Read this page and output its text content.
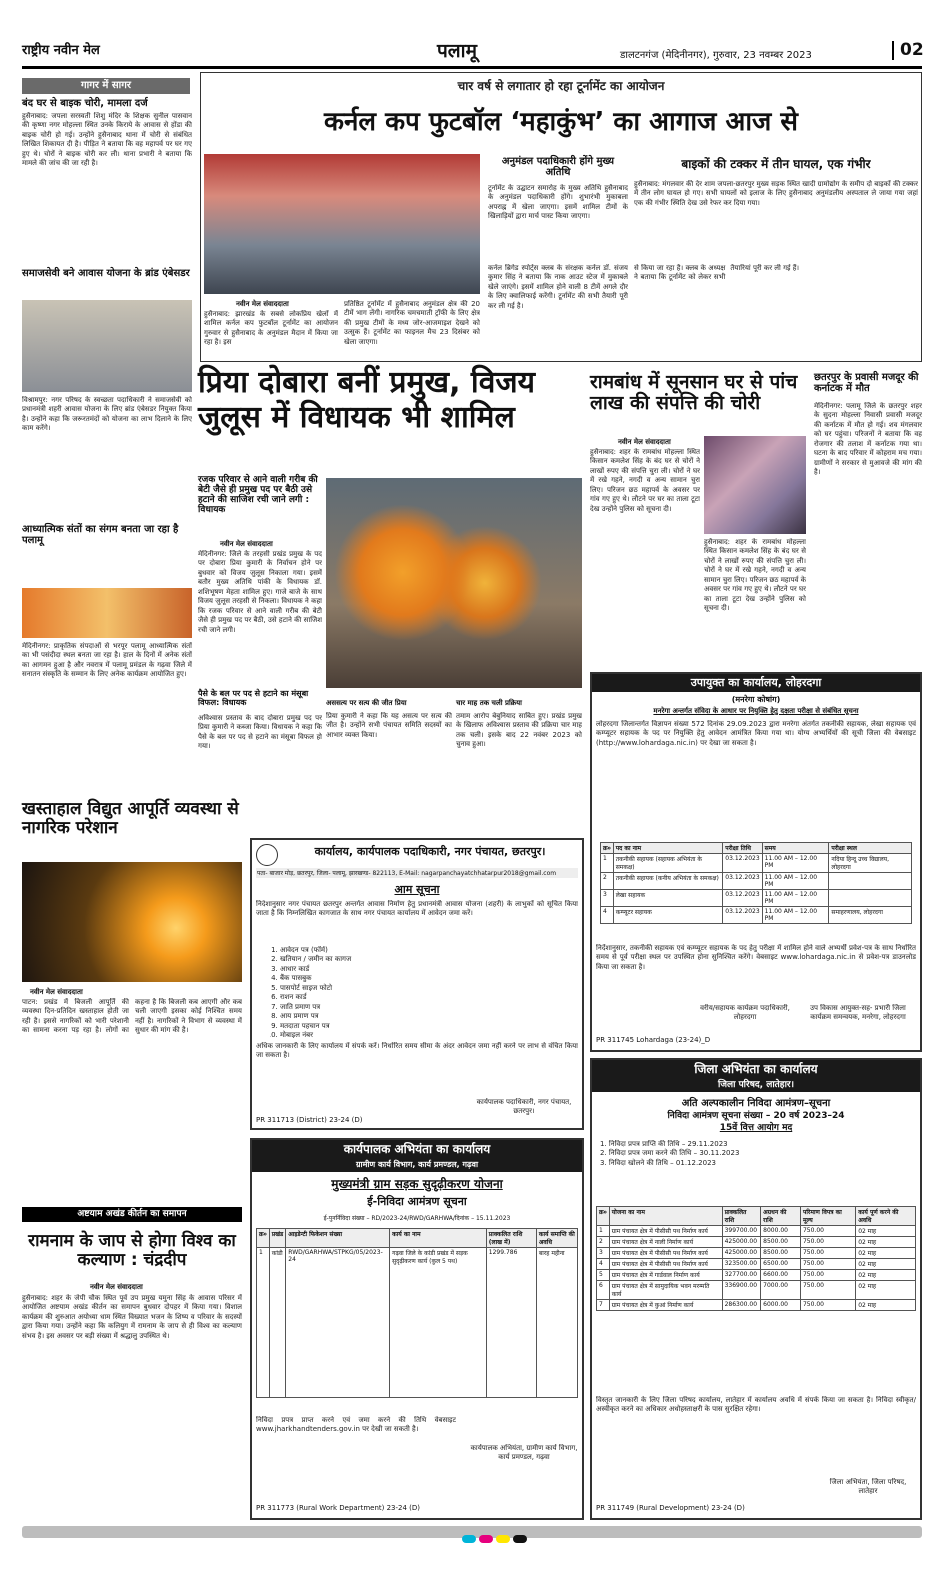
राष्ट्रीय नवीन मेल	पलामू	डालटनगंज (मेदिनीनगर), गुरुवार, 23 नवम्बर 2023	02
गागर में सागर
बंद घर से बाइक चोरी, मामला दर्ज
हुसैनाबाद: जपला सरस्वती शिशु मंदिर के शिक्षक सुनील पासवान की कृष्णा नगर मोहल्ला स्थित उनके किराये के आवास से होंडा की बाइक चोरी हो गई। उन्होंने हुसैनाबाद थाना में चोरी से संबंधित लिखित शिकायत दी है। पीड़ित ने बताया कि वह महापर्व पर घर गए हुए थे। चोरों ने बाइक चोरी कर ली। थाना प्रभारी ने बताया कि मामले की जांच की जा रही है।
समाजसेवी बने आवास योजना के ब्रांड एंबेसडर
विश्रामपुर: नगर परिषद के स्वच्छता पदाधिकारी ने समाजसेवी को प्रधानमंत्री शहरी आवास योजना के लिए ब्रांड एंबेसडर नियुक्त किया है। उन्होंने कहा कि जरूरतमंदों को योजना का लाभ दिलाने के लिए काम करेंगे।
आध्यात्मिक संतों का संगम बनता जा रहा है पलामू
मेदिनीनगर: प्राकृतिक संपदाओं से भरपूर पलामू आध्यात्मिक संतों का भी पसंदीदा स्थल बनता जा रहा है। हाल के दिनों में अनेक संतों का आगमन हुआ है और नवरात्र में पलामू प्रमंडल के गढ़वा जिले में सनातन संस्कृति के सम्मान के लिए अनेक कार्यक्रम आयोजित हुए।
खस्ताहाल विद्युत आपूर्ति व्यवस्था से नागरिक परेशान
नवीन मेल संवाददाता
पाटन: प्रखंड में बिजली आपूर्ति की व्यवस्था दिन-प्रतिदिन खस्ताहाल होती जा रही है। इससे नागरिकों को भारी परेशानी का सामना करना पड़ रहा है। लोगों का कहना है कि बिजली कब आएगी और कब चली जाएगी इसका कोई निश्चित समय नहीं है। नागरिकों ने विभाग से व्यवस्था में सुधार की मांग की है।
अष्टयाम अखंड कीर्तन का समापन
रामनाम के जाप से होगा विश्व का कल्याण : चंद्रदीप
नवीन मेल संवाददाता
हुसैनाबाद: शहर के जेपी चौक स्थित पूर्व उप प्रमुख यमुना सिंह के आवास परिसर में आयोजित अष्टयाम अखंड कीर्तन का समापन बुधवार दोपहर में किया गया। विशाल कार्यक्रम की शुरुआत अयोध्या धाम स्थित विख्यात भजन के शिष्य व परिवार के सदस्यों द्वारा किया गया। उन्होंने कहा कि कलियुग में रामनाम के जाप से ही विश्व का कल्याण संभव है। इस अवसर पर बड़ी संख्या में श्रद्धालु उपस्थित थे।
चार वर्ष से लगातार हो रहा टूर्नामेंट का आयोजन
कर्नल कप फुटबॉल ‘महाकुंभ’ का आगाज आज से
नवीन मेल संवाददाता
हुसैनाबाद: झारखंड के सबसे लोकप्रिय खेलों में शामिल कर्नल कप फुटबॉल टूर्नामेंट का आयोजन गुरुवार से हुसैनाबाद के अनुमंडल मैदान में किया जा रहा है। इस
प्रतिष्ठित टूर्नामेंट में हुसैनाबाद अनुमंडल क्षेत्र की 20 टीमें भाग लेंगी। नागरिक चमचमाती ट्रॉफी के लिए क्षेत्र की प्रमुख टीमों के मध्य जोर-आजमाइश देखने को उत्सुक हैं। टूर्नामेंट का फाइनल मैच 23 दिसंबर को खेला जाएगा।
अनुमंडल पदाधिकारी होंगे मुख्य अतिथि
टूर्नामेंट के उद्घाटन समारोह के मुख्य अतिथि हुसैनाबाद के अनुमंडल पदाधिकारी होंगे। शुभारंभी मुकाबला अपराह्न में खेला जाएगा। इसमें शामिल टीमों के खिलाड़ियों द्वारा मार्च पास्ट किया जाएगा।
कर्नल ब्रिगेड स्पोर्ट्स क्लब के संरक्षक कर्नल डॉ. संजय कुमार सिंह ने बताया कि नाक आउट स्टेज में मुकाबले खेले जाएंगे। इसमें शामिल होने वाली 8 टीमें अगले दौर के लिए क्वालिफाई करेंगी। टूर्नामेंट की सभी तैयारी पूरी कर ली गई है।
बाइकों की टक्कर में तीन घायल, एक गंभीर
हुसैनाबाद: मंगलवार की देर शाम जपला-छतरपुर मुख्य सड़क स्थित खादी ग्रामोद्योग के समीप दो बाइकों की टक्कर में तीन लोग घायल हो गए। सभी घायलों को इलाज के लिए हुसैनाबाद अनुमंडलीय अस्पताल ले जाया गया जहां एक की गंभीर स्थिति देख उसे रेफर कर दिया गया।
से किया जा रहा है। क्लब के अध्यक्ष ने बताया कि टूर्नामेंट को लेकर सभी तैयारियां पूरी कर ली गई हैं।
प्रिया दोबारा बनीं प्रमुख, विजय जुलूस में विधायक भी शामिल
रजक परिवार से आने वाली गरीब की बेटी जैसे ही प्रमुख पद पर बैठी उसे हटाने की साजिश रची जाने लगी : विधायक
नवीन मेल संवाददाता
मेदिनीनगर: जिले के तरहसी प्रखंड प्रमुख के पद पर दोबारा प्रिया कुमारी के निर्वाचन होने पर बुधवार को विजय जुलूस निकाला गया। इसमें बतौर मुख्य अतिथि पांकी के विधायक डॉ. शशिभूषण मेहता शामिल हुए। गाजे बाजे के साथ विजय जुलूस तरहसी से निकला। विधायक ने कहा कि रजक परिवार से आने वाली गरीब की बेटी जैसे ही प्रमुख पद पर बैठी, उसे हटाने की साजिश रची जाने लगी।
पैसे के बल पर पद से हटाने का मंसूबा विफल: विधायक
अविश्वास प्रस्ताव के बाद दोबारा प्रमुख पद पर प्रिया कुमारी ने कब्जा किया। विधायक ने कहा कि पैसे के बल पर पद से हटाने का मंसूबा विफल हो गया।
अससत्य पर सत्य की जीत प्रिया
प्रिया कुमारी ने कहा कि यह असत्य पर सत्य की जीत है। उन्होंने सभी पंचायत समिति सदस्यों का आभार व्यक्त किया।
चार माह तक चली प्रक्रिया
तमाम आरोप बेबुनियाद साबित हुए। प्रखंड प्रमुख के खिलाफ अविश्वास प्रस्ताव की प्रक्रिया चार माह तक चली। इसके बाद 22 नवंबर 2023 को चुनाव हुआ।
रामबांध में सूनसान घर से पांच लाख की संपत्ति की चोरी
नवीन मेल संवाददाता
हुसैनाबाद: शहर के रामबांध मोहल्ला स्थित किसान कमलेश सिंह के बंद घर से चोरों ने लाखों रुपए की संपत्ति चुरा ली। चोरों ने घर में रखे गहने, नगदी व अन्य सामान चुरा लिए। परिजन छठ महापर्व के अवसर पर गांव गए हुए थे। लौटने पर घर का ताला टूटा देख उन्होंने पुलिस को सूचना दी।
हुसैनाबाद: शहर के रामबांध मोहल्ला स्थित किसान कमलेश सिंह के बंद घर से चोरों ने लाखों रुपए की संपत्ति चुरा ली। चोरों ने घर में रखे गहने, नगदी व अन्य सामान चुरा लिए। परिजन छठ महापर्व के अवसर पर गांव गए हुए थे। लौटने पर घर का ताला टूटा देख उन्होंने पुलिस को सूचना दी।
छतरपुर के प्रवासी मजदूर की कर्नाटक में मौत
मेदिनीनगर: पलामू जिले के छतरपुर शहर के सुदना मोहल्ला निवासी प्रवासी मजदूर की कर्नाटक में मौत हो गई। शव मंगलवार को घर पहुंचा। परिजनों ने बताया कि वह रोजगार की तलाश में कर्नाटक गया था। घटना के बाद परिवार में कोहराम मच गया। ग्रामीणों ने सरकार से मुआवजे की मांग की है।
उपायुक्त का कार्यालय, लोहरदगा
(मनरेगा कोषांग)
मनरेगा अन्तर्गत संविदा के आधार पर नियुक्ति हेतु दक्षता परीक्षा से संबंधित सूचना
लोहरदगा जिलान्तर्गत विज्ञापन संख्या 572 दिनांक 29.09.2023 द्वारा मनरेगा अंतर्गत तकनीकी सहायक, लेखा सहायक एवं कम्प्यूटर सहायक के पद पर नियुक्ति हेतु आवेदन आमंत्रित किया गया था। योग्य अभ्यर्थियों की सूची जिला की वेबसाइट (http://www.lohardaga.nic.in) पर देखा जा सकता है।
क्र०	पद का नाम	परीक्षा तिथि	समय	परीक्षा स्थल
1	तकनीकी सहायक (सहायक अभियंता के समकक्ष)	03.12.2023	11.00 AM – 12.00 PM	नदिया हिन्दू उच्च विद्यालय, लोहरदगा
2	तकनीकी सहायक (कनीय अभियंता के समकक्ष)	03.12.2023	11.00 AM – 12.00 PM	
3	लेखा सहायक	03.12.2023	11.00 AM – 12.00 PM	
4	कम्प्यूटर सहायक	03.12.2023	11.00 AM – 12.00 PM	समाहरणालय, लोहरदगा
निर्देशानुसार, तकनीकी सहायक एवं कम्प्यूटर सहायक के पद हेतु परीक्षा में शामिल होने वाले अभ्यर्थी प्रवेश-पत्र के साथ निर्धारित समय से पूर्व परीक्षा स्थल पर उपस्थित होना सुनिश्चित करेंगे। वेबसाइट www.lohardaga.nic.in से प्रवेश-पत्र डाउनलोड किया जा सकता है।
वरीय/सहायक कार्यक्रम पदाधिकारी, लोहरदगा
उप विकास आयुक्त-सह- प्रभारी जिला कार्यक्रम समन्वयक, मनरेगा, लोहरदगा
PR 311745 Lohardaga (23-24)_D
कार्यालय, कार्यपालक पदाधिकारी, नगर पंचायत, छतरपुर।
पता- बाजार मोड़, छतरपुर, जिला- पलामू, झारखण्ड- 822113, E-Mail: nagarpanchayatchhatarpur2018@gmail.com
आम सूचना
निदेशानुसार नगर पंचायत छतरपुर अन्तर्गत आवास निर्माण हेतु प्रधानमंत्री आवास योजना (शहरी) के लाभुकों को सूचित किया जाता है कि निम्नलिखित कागजात के साथ नगर पंचायत कार्यालय में आवेदन जमा करें।
1. आवेदन पत्र (फॉर्म)
2. खतियान / जमीन का कागज
3. आधार कार्ड
4. बैंक पासबुक
5. पासपोर्ट साइज फोटो
6. राशन कार्ड
7. जाति प्रमाण पत्र
8. आय प्रमाण पत्र
9. मतदाता पहचान पत्र
10. मोबाइल नंबर
अधिक जानकारी के लिए कार्यालय में संपर्क करें। निर्धारित समय सीमा के अंदर आवेदन जमा नहीं करने पर लाभ से वंचित किया जा सकता है।
कार्यपालक पदाधिकारी, नगर पंचायत, छतरपुर।
PR 311713 (District) 23-24 (D)
कार्यपालक अभियंता का कार्यालय
ग्रामीण कार्य विभाग, कार्य प्रमण्डल, गढ़वा
मुख्यमंत्री ग्राम सड़क सुदृढ़ीकरण योजना
ई-निविदा आमंत्रण सूचना
ई-पुनर्निविदा संख्या – RD/2023-24/RWD/GARHWA/दिनांक – 15.11.2023
क्र०	प्रखंड	आइडेन्टी फिकेशन संख्या	कार्य का नाम	प्राक्कलित राशि (लाख में)	कार्य समाप्ति की अवधि
1	कांडी	RWD/GARHWA/STPKG/05/2023-24	गढ़वा जिले के कांडी प्रखंड में सड़क सुदृढ़ीकरण कार्य (कुल 5 पथ)	1299.786	बारह महीना
निविदा प्रपत्र प्राप्त करने एवं जमा करने की तिथि वेबसाइट www.jharkhandtenders.gov.in पर देखी जा सकती है।
कार्यपालक अभियंता, ग्रामीण कार्य विभाग, कार्य प्रमण्डल, गढ़वा
PR 311773 (Rural Work Department) 23-24 (D)
जिला अभियंता का कार्यालय
जिला परिषद, लातेहार।
अति अल्पकालीन निविदा आमंत्रण–सूचना
निविदा आमंत्रण सूचना संख्या – 20 वर्ष 2023–24
15वें वित्त आयोग मद
1. निविदा प्रपत्र प्राप्ति की तिथि – 29.11.2023
2. निविदा प्रपत्र जमा करने की तिथि – 30.11.2023
3. निविदा खोलने की तिथि – 01.12.2023
क्र०	योजना का नाम	प्राक्कलित राशि	अग्रधन की राशि	परिमाण विपत्र का मूल्य	कार्य पूर्ण करने की अवधि
1	ग्राम पंचायत क्षेत्र में पीसीसी पथ निर्माण कार्य	399700.00	8000.00	750.00	02 माह
2	ग्राम पंचायत क्षेत्र में नाली निर्माण कार्य	425000.00	8500.00	750.00	02 माह
3	ग्राम पंचायत क्षेत्र में पीसीसी पथ निर्माण कार्य	425000.00	8500.00	750.00	02 माह
4	ग्राम पंचायत क्षेत्र में पीसीसी पथ निर्माण कार्य	323500.00	6500.00	750.00	02 माह
5	ग्राम पंचायत क्षेत्र में गार्डवाल निर्माण कार्य	327700.00	6600.00	750.00	02 माह
6	ग्राम पंचायत क्षेत्र में सामुदायिक भवन मरम्मति कार्य	336900.00	7000.00	750.00	02 माह
7	ग्राम पंचायत क्षेत्र में कुआं निर्माण कार्य	286300.00	6000.00	750.00	02 माह
विस्तृत जानकारी के लिए जिला परिषद कार्यालय, लातेहार में कार्यालय अवधि में संपर्क किया जा सकता है। निविदा स्वीकृत/अस्वीकृत करने का अधिकार अधोहस्ताक्षरी के पास सुरक्षित रहेगा।
जिला अभियंता, जिला परिषद, लातेहार
PR 311749 (Rural Development) 23-24 (D)
